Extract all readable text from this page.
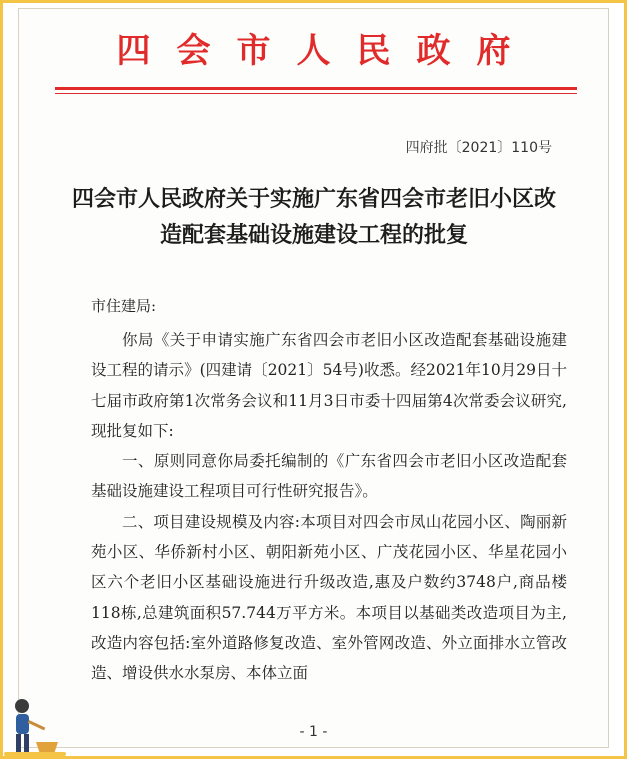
四会市人民政府
四府批〔2021〕110号
四会市人民政府关于实施广东省四会市老旧小区改造配套基础设施建设工程的批复
市住建局:

你局《关于申请实施广东省四会市老旧小区改造配套基础设施建设工程的请示》(四建请〔2021〕54号)收悉。经2021年10月29日十七届市政府第1次常务会议和11月3日市委十四届第4次常委会议研究,现批复如下:

一、原则同意你局委托编制的《广东省四会市老旧小区改造配套基础设施建设工程项目可行性研究报告》。

二、项目建设规模及内容:本项目对四会市凤山花园小区、陶丽新苑小区、华侨新村小区、朝阳新苑小区、广茂花园小区、华星花园小区六个老旧小区基础设施进行升级改造,惠及户数约3748户,商品楼118栋,总建筑面积57.744万平方米。本项目以基础类改造项目为主,改造内容包括:室外道路修复改造、室外管网改造、外立面排水立管改造、增设供水水泵房、本体立面

- 1 -
